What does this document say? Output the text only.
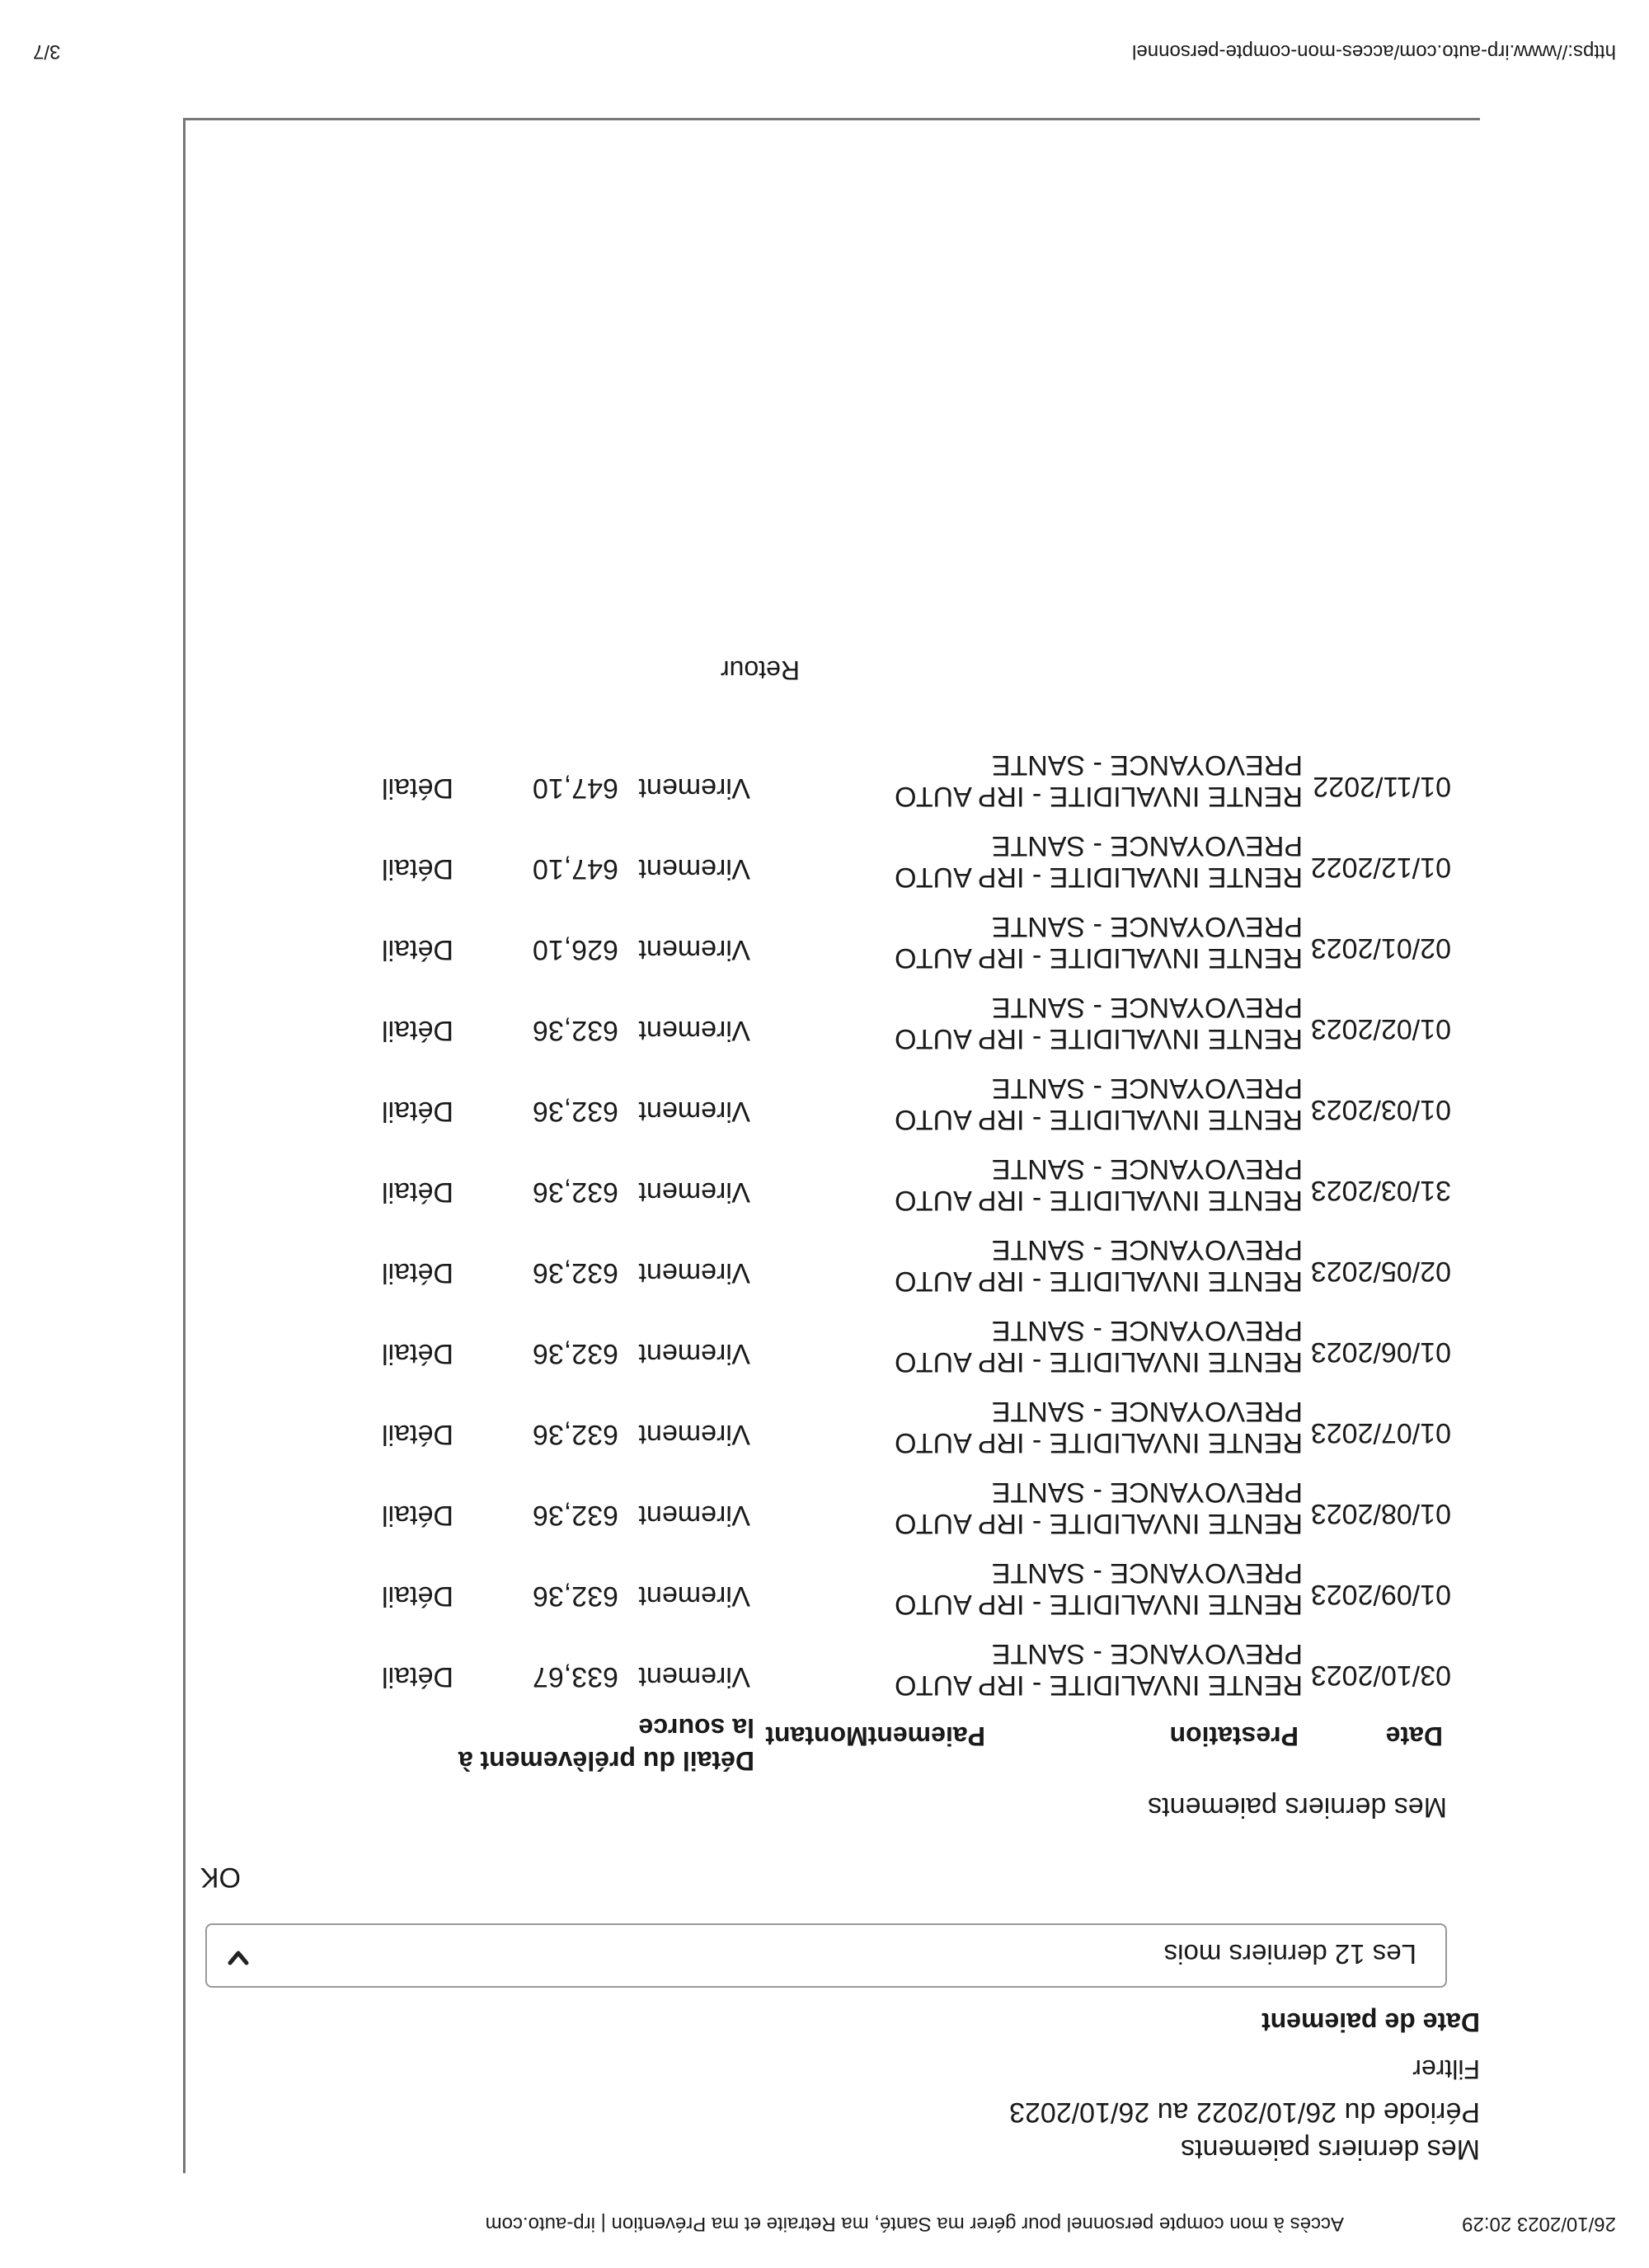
26/10/2023 20:29
Accès à mon compte personnel pour gérer ma Santé, ma Retraite et ma Prévention | irp-auto.com
Mes derniers paiements
Période du 26/10/2022 au 26/10/2023
Filtrer
Date de paiement
Les 12 derniers mois
OK
Mes derniers paiements
Date
Prestation
PaiementMontant
Détail du prélèvement à
la source
03/10/2023
RENTE INVALIDITE - IRP AUTO
PREVOYANCE - SANTE
Virement
633,67
Détail
01/09/2023
RENTE INVALIDITE - IRP AUTO
PREVOYANCE - SANTE
Virement
632,36
Détail
01/08/2023
RENTE INVALIDITE - IRP AUTO
PREVOYANCE - SANTE
Virement
632,36
Détail
01/07/2023
RENTE INVALIDITE - IRP AUTO
PREVOYANCE - SANTE
Virement
632,36
Détail
01/06/2023
RENTE INVALIDITE - IRP AUTO
PREVOYANCE - SANTE
Virement
632,36
Détail
02/05/2023
RENTE INVALIDITE - IRP AUTO
PREVOYANCE - SANTE
Virement
632,36
Détail
31/03/2023
RENTE INVALIDITE - IRP AUTO
PREVOYANCE - SANTE
Virement
632,36
Détail
01/03/2023
RENTE INVALIDITE - IRP AUTO
PREVOYANCE - SANTE
Virement
632,36
Détail
01/02/2023
RENTE INVALIDITE - IRP AUTO
PREVOYANCE - SANTE
Virement
632,36
Détail
02/01/2023
RENTE INVALIDITE - IRP AUTO
PREVOYANCE - SANTE
Virement
626,10
Détail
01/12/2022
RENTE INVALIDITE - IRP AUTO
PREVOYANCE - SANTE
Virement
647,10
Détail
01/11/2022
RENTE INVALIDITE - IRP AUTO
PREVOYANCE - SANTE
Virement
647,10
Détail
Retour
https://www.irp-auto.com/acces-mon-compte-personnel
3/7
